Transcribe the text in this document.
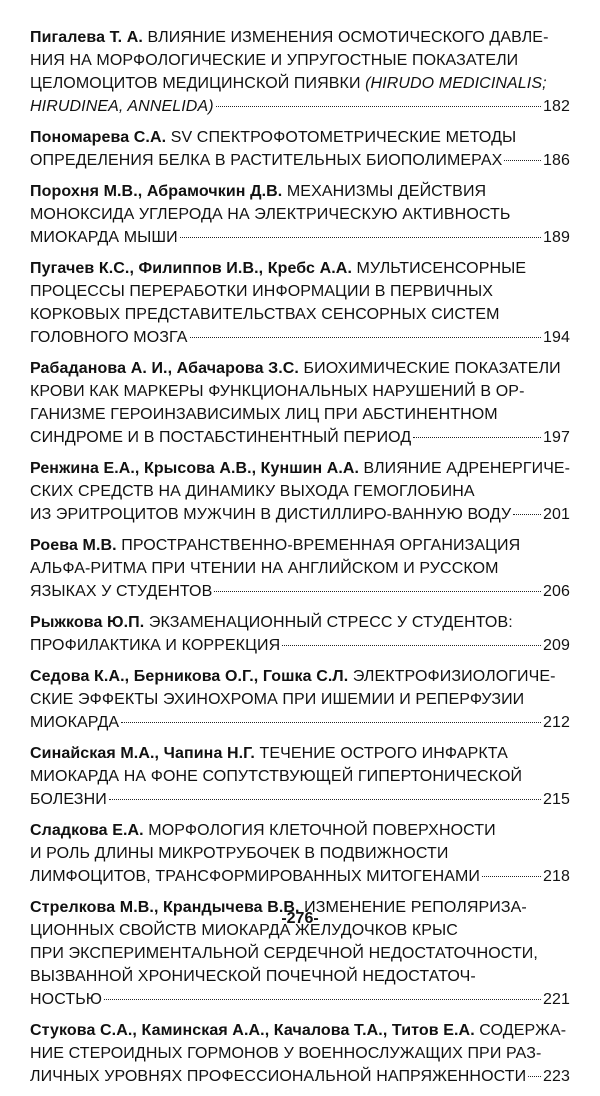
Пигалева Т. А. ВЛИЯНИЕ ИЗМЕНЕНИЯ ОСМОТИЧЕСКОГО ДАВЛЕ-
НИЯ НА МОРФОЛОГИЧЕСКИЕ И УПРУГОСТНЫЕ ПОКАЗАТЕЛИ
ЦЕЛОМОЦИТОВ МЕДИЦИНСКОЙ ПИЯВКИ (HIRUDO MEDICINALIS;
HIRUDINEA, ANNELIDA)	182
Пономарева С.А. SV СПЕКТРОФОТОМЕТРИЧЕСКИЕ МЕТОДЫ
ОПРЕДЕЛЕНИЯ БЕЛКА В РАСТИТЕЛЬНЫХ БИОПОЛИМЕРАХ	186
Порохня М.В., Абрамочкин Д.В. МЕХАНИЗМЫ ДЕЙСТВИЯ
МОНОКСИДА УГЛЕРОДА НА ЭЛЕКТРИЧЕСКУЮ АКТИВНОСТЬ
МИОКАРДА МЫШИ	189
Пугачев К.С., Филиппов И.В., Кребс А.А. МУЛЬТИСЕНСОРНЫЕ
ПРОЦЕССЫ ПЕРЕРАБОТКИ ИНФОРМАЦИИ В ПЕРВИЧНЫХ
КОРКОВЫХ ПРЕДСТАВИТЕЛЬСТВАХ СЕНСОРНЫХ СИСТЕМ
ГОЛОВНОГО МОЗГА	194
Рабаданова А. И., Абачарова З.С. БИОХИМИЧЕСКИЕ ПОКАЗАТЕЛИ
КРОВИ КАК МАРКЕРЫ ФУНКЦИОНАЛЬНЫХ НАРУШЕНИЙ В ОР-
ГАНИЗМЕ ГЕРОИНЗАВИСИМЫХ ЛИЦ ПРИ АБСТИНЕНТНОМ
СИНДРОМЕ И В ПОСТАБСТИНЕНТНЫЙ ПЕРИОД	197
Ренжина Е.А., Крысова А.В., Куншин А.А. ВЛИЯНИЕ АДРЕНЕРГИЧЕ-
СКИХ СРЕДСТВ НА ДИНАМИКУ ВЫХОДА ГЕМОГЛОБИНА
ИЗ ЭРИТРОЦИТОВ МУЖЧИН В ДИСТИЛЛИРО-ВАННУЮ ВОДУ 201
Роева М.В. ПРОСТРАНСТВЕННО-ВРЕМЕННАЯ ОРГАНИЗАЦИЯ
АЛЬФА-РИТМА ПРИ ЧТЕНИИ НА АНГЛИЙСКОМ И РУССКОМ
ЯЗЫКАХ У СТУДЕНТОВ	206
Рыжкова Ю.П. ЭКЗАМЕНАЦИОННЫЙ СТРЕСС У СТУДЕНТОВ:
ПРОФИЛАКТИКА И КОРРЕКЦИЯ	209
Седова К.А., Берникова О.Г., Гошка С.Л. ЭЛЕКТРОФИЗИОЛОГИЧЕ-
СКИЕ ЭФФЕКТЫ ЭХИНОХРОМА ПРИ ИШЕМИИ И РЕПЕРФУЗИИ
МИОКАРДА	212
Синайская М.А., Чапина Н.Г. ТЕЧЕНИЕ ОСТРОГО ИНФАРКТА
МИОКАРДА НА ФОНЕ СОПУТСТВУЮЩЕЙ ГИПЕРТОНИЧЕСКОЙ
БОЛЕЗНИ	215
Сладкова Е.А. МОРФОЛОГИЯ КЛЕТОЧНОЙ ПОВЕРХНОСТИ
И РОЛЬ ДЛИНЫ МИКРОТРУБОЧЕК В ПОДВИЖНОСТИ
ЛИМФОЦИТОВ, ТРАНСФОРМИРОВАННЫХ МИТОГЕНАМИ	218
Стрелкова М.В., Крандычева В.В. ИЗМЕНЕНИЕ РЕПОЛЯРИЗА-
ЦИОННЫХ СВОЙСТВ МИОКАРДА ЖЕЛУДОЧКОВ КРЫС
ПРИ ЭКСПЕРИМЕНТАЛЬНОЙ СЕРДЕЧНОЙ НЕДОСТАТОЧНОСТИ,
ВЫЗВАННОЙ ХРОНИЧЕСКОЙ ПОЧЕЧНОЙ НЕДОСТАТОЧ-
НОСТЬЮ	221
Стукова С.А., Каминская А.А., Качалова Т.А., Титов Е.А. СОДЕРЖА-
НИЕ СТЕРОИДНЫХ ГОРМОНОВ У ВОЕННОСЛУЖАЩИХ ПРИ РАЗ-
ЛИЧНЫХ УРОВНЯХ ПРОФЕССИОНАЛЬНОЙ НАПРЯЖЕННОСТИ 223
-276-
